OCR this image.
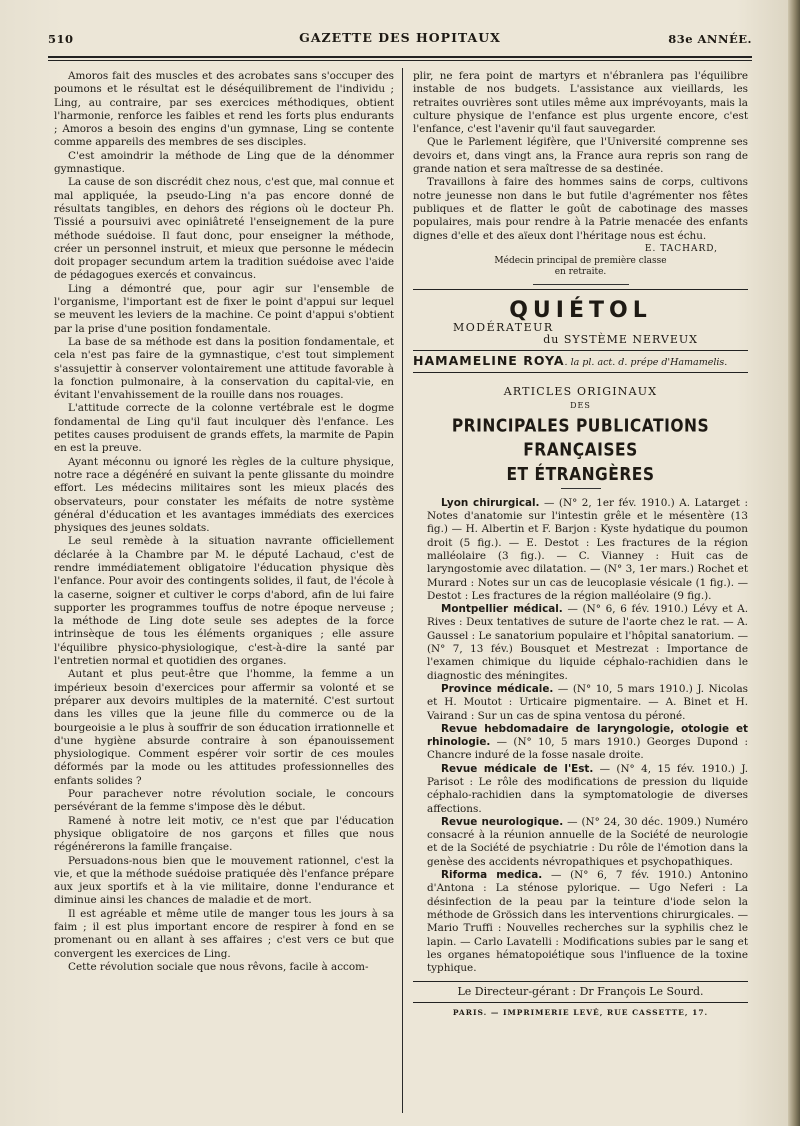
510	GAZETTE DES HOPITAUX	83e ANNÉE.

Amoros fait des muscles et des acrobates sans s'occuper des poumons et le résultat est le déséquilibrement de l'individu ; Ling, au contraire, par ses exercices méthodiques, obtient l'harmonie, renforce les faibles et rend les forts plus endurants ; Amoros a besoin des engins d'un gymnase, Ling se contente comme appareils des membres de ses disciples.

C'est amoindrir la méthode de Ling que de la dénommer gymnastique.

La cause de son discrédit chez nous, c'est que, mal connue et mal appliquée, la pseudo-Ling n'a pas encore donné de résultats tangibles, en dehors des régions où le docteur Ph. Tissié a poursuivi avec opiniâtreté l'enseignement de la pure méthode suédoise. Il faut donc, pour enseigner la méthode, créer un personnel instruit, et mieux que personne le médecin doit propager secundum artem la tradition suédoise avec l'aide de pédagogues exercés et convaincus.

Ling a démontré que, pour agir sur l'ensemble de l'organisme, l'important est de fixer le point d'appui sur lequel se meuvent les leviers de la machine. Ce point d'appui s'obtient par la prise d'une position fondamentale.

La base de sa méthode est dans la position fondamentale, et cela n'est pas faire de la gymnastique, c'est tout simplement s'assujettir à conserver volontairement une attitude favorable à la fonction pulmonaire, à la conservation du capital-vie, en évitant l'envahissement de la rouille dans nos rouages.

L'attitude correcte de la colonne vertébrale est le dogme fondamental de Ling qu'il faut inculquer dès l'enfance. Les petites causes produisent de grands effets, la marmite de Papin en est la preuve.

Ayant méconnu ou ignoré les règles de la culture physique, notre race a dégénéré en suivant la pente glissante du moindre effort. Les médecins militaires sont les mieux placés des observateurs, pour constater les méfaits de notre système général d'éducation et les avantages immédiats des exercices physiques des jeunes soldats.

Le seul remède à la situation navrante officiellement déclarée à la Chambre par M. le député Lachaud, c'est de rendre immédiatement obligatoire l'éducation physique dès l'enfance. Pour avoir des contingents solides, il faut, de l'école à la caserne, soigner et cultiver le corps d'abord, afin de lui faire supporter les programmes touffus de notre époque nerveuse ; la méthode de Ling dote seule ses adeptes de la force intrinsèque de tous les éléments organiques ; elle assure l'équilibre physico-physiologique, c'est-à-dire la santé par l'entretien normal et quotidien des organes.

Autant et plus peut-être que l'homme, la femme a un impérieux besoin d'exercices pour affermir sa volonté et se préparer aux devoirs multiples de la maternité. C'est surtout dans les villes que la jeune fille du commerce ou de la bourgeoisie a le plus à souffrir de son éducation irrationnelle et d'une hygiène absurde contraire à son épanouissement physiologique. Comment espérer voir sortir de ces moules déformés par la mode ou les attitudes professionnelles des enfants solides ?

Pour parachever notre révolution sociale, le concours persévérant de la femme s'impose dès le début.

Ramené à notre leit motiv, ce n'est que par l'éducation physique obligatoire de nos garçons et filles que nous régénérerons la famille française.

Persuadons-nous bien que le mouvement rationnel, c'est la vie, et que la méthode suédoise pratiquée dès l'enfance prépare aux jeux sportifs et à la vie militaire, donne l'endurance et diminue ainsi les chances de maladie et de mort.

Il est agréable et même utile de manger tous les jours à sa faim ; il est plus important encore de respirer à fond en se promenant ou en allant à ses affaires ; c'est vers ce but que convergent les exercices de Ling.

Cette révolution sociale que nous rêvons, facile à accom-

plir, ne fera point de martyrs et n'ébranlera pas l'équilibre instable de nos budgets. L'assistance aux vieillards, les retraites ouvrières sont utiles même aux imprévoyants, mais la culture physique de l'enfance est plus urgente encore, c'est l'enfance, c'est l'avenir qu'il faut sauvegarder.

Que le Parlement légifère, que l'Université comprenne ses devoirs et, dans vingt ans, la France aura repris son rang de grande nation et sera maîtresse de sa destinée.

Travaillons à faire des hommes sains de corps, cultivons notre jeunesse non dans le but futile d'agrémenter nos fêtes publiques et de flatter le goût de cabotinage des masses populaires, mais pour rendre à la Patrie menacée des enfants dignes d'elle et des aïeux dont l'héritage nous est échu.

E. TACHARD,
Médecin principal de première classe
en retraite.
QUIÉTOL
MODÉRATEUR
du SYSTÈME NERVEUX
HAMAMELINE ROYA. la pl. act. d. prépe d'Hamamelis.
ARTICLES ORIGINAUX
DES
PRINCIPALES PUBLICATIONS FRANÇAISES
ET ÉTRANGÈRES

Lyon chirurgical. — (N° 2, 1er fév. 1910.) A. Latarget : Notes d'anatomie sur l'intestin grêle et le mésentère (13 fig.) — H. Albertin et F. Barjon : Kyste hydatique du poumon droit (5 fig.). — E. Destot : Les fractures de la région malléolaire (3 fig.). — C. Vianney : Huit cas de laryngostomie avec dilatation. — (N° 3, 1er mars.) Rochet et Murard : Notes sur un cas de leucoplasie vésicale (1 fig.). — Destot : Les fractures de la région malléolaire (9 fig.).

Montpellier médical. — (N° 6, 6 fév. 1910.) Lévy et A. Rives : Deux tentatives de suture de l'aorte chez le rat. — A. Gaussel : Le sanatorium populaire et l'hôpital sanatorium. — (N° 7, 13 fév.) Bousquet et Mestrezat : Importance de l'examen chimique du liquide céphalo-rachidien dans le diagnostic des méningites.

Province médicale. — (N° 10, 5 mars 1910.) J. Nicolas et H. Moutot : Urticaire pigmentaire. — A. Binet et H. Vairand : Sur un cas de spina ventosa du péroné.

Revue hebdomadaire de laryngologie, otologie et rhinologie. — (N° 10, 5 mars 1910.) Georges Dupond : Chancre induré de la fosse nasale droite.

Revue médicale de l'Est. — (N° 4, 15 fév. 1910.) J. Parisot : Le rôle des modifications de pression du liquide céphalo-rachidien dans la symptomatologie de diverses affections.

Revue neurologique. — (N° 24, 30 déc. 1909.) Numéro consacré à la réunion annuelle de la Société de neurologie et de la Société de psychiatrie : Du rôle de l'émotion dans la genèse des accidents névropathiques et psychopathiques.

Riforma medica. — (N° 6, 7 fév. 1910.) Antonino d'Antona : La sténose pylorique. — Ugo Neferi : La désinfection de la peau par la teinture d'iode selon la méthode de Grössich dans les interventions chirurgicales. — Mario Truffi : Nouvelles recherches sur la syphilis chez le lapin. — Carlo Lavatelli : Modifications subies par le sang et les organes hématopoiétique sous l'influence de la toxine typhique.

Le Directeur-gérant : Dr François Le Sourd.
PARIS. — IMPRIMERIE LEVÉ, RUE CASSETTE, 17.
